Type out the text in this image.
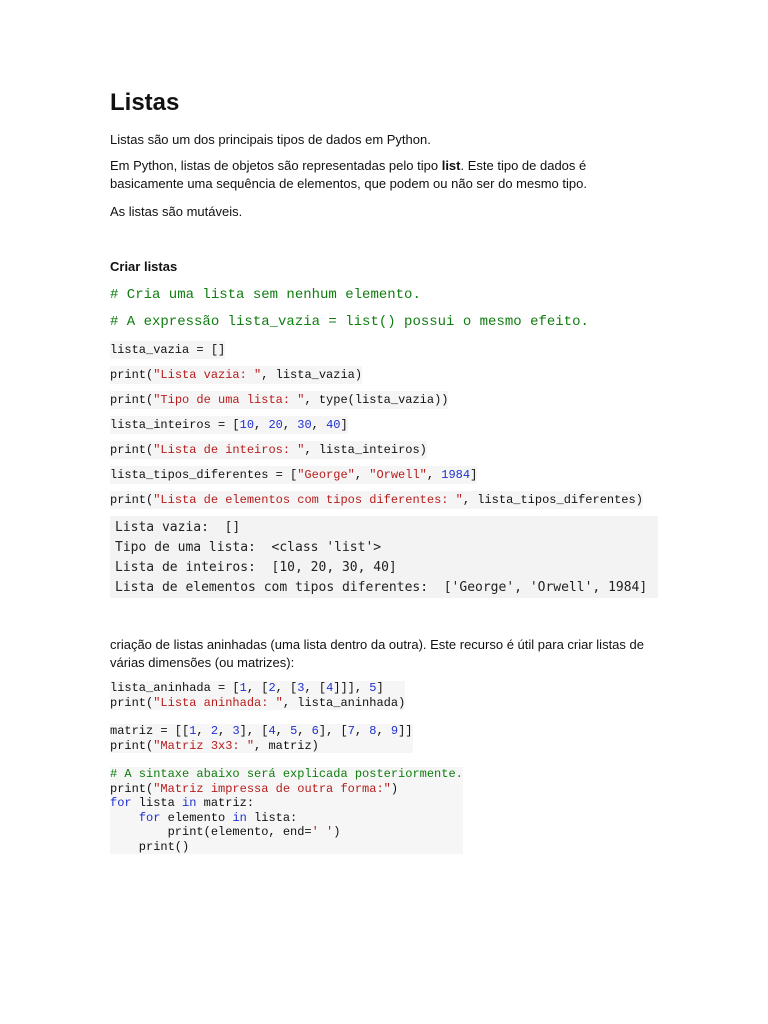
Listas

Listas são um dos principais tipos de dados em Python.

Em Python, listas de objetos são representadas pelo tipo list. Este tipo de dados é basicamente uma sequência de elementos, que podem ou não ser do mesmo tipo.

As listas são mutáveis.

Criar listas

# Cria uma lista sem nenhum elemento.
# A expressão lista_vazia = list() possui o mesmo efeito.
lista_vazia = []
print("Lista vazia: ", lista_vazia)
print("Tipo de uma lista: ", type(lista_vazia))
lista_inteiros = [10, 20, 30, 40]
print("Lista de inteiros: ", lista_inteiros)
lista_tipos_diferentes = ["George", "Orwell", 1984]
print("Lista de elementos com tipos diferentes: ", lista_tipos_diferentes)
Lista vazia:  []
Tipo de uma lista:  <class 'list'>
Lista de inteiros:  [10, 20, 30, 40]
Lista de elementos com tipos diferentes:  ['George', 'Orwell', 1984]

criação de listas aninhadas (uma lista dentro da outra). Este recurso é útil para criar listas de várias dimensões (ou matrizes):

lista_aninhada = [1, [2, [3, [4]]], 5]
print("Lista aninhada: ", lista_aninhada)
matriz = [[1, 2, 3], [4, 5, 6], [7, 8, 9]]
print("Matriz 3x3: ", matriz)
# A sintaxe abaixo será explicada posteriormente.
print("Matriz impressa de outra forma:")
for lista in matriz:
for elemento in lista:
print(elemento, end=' ')
print()
